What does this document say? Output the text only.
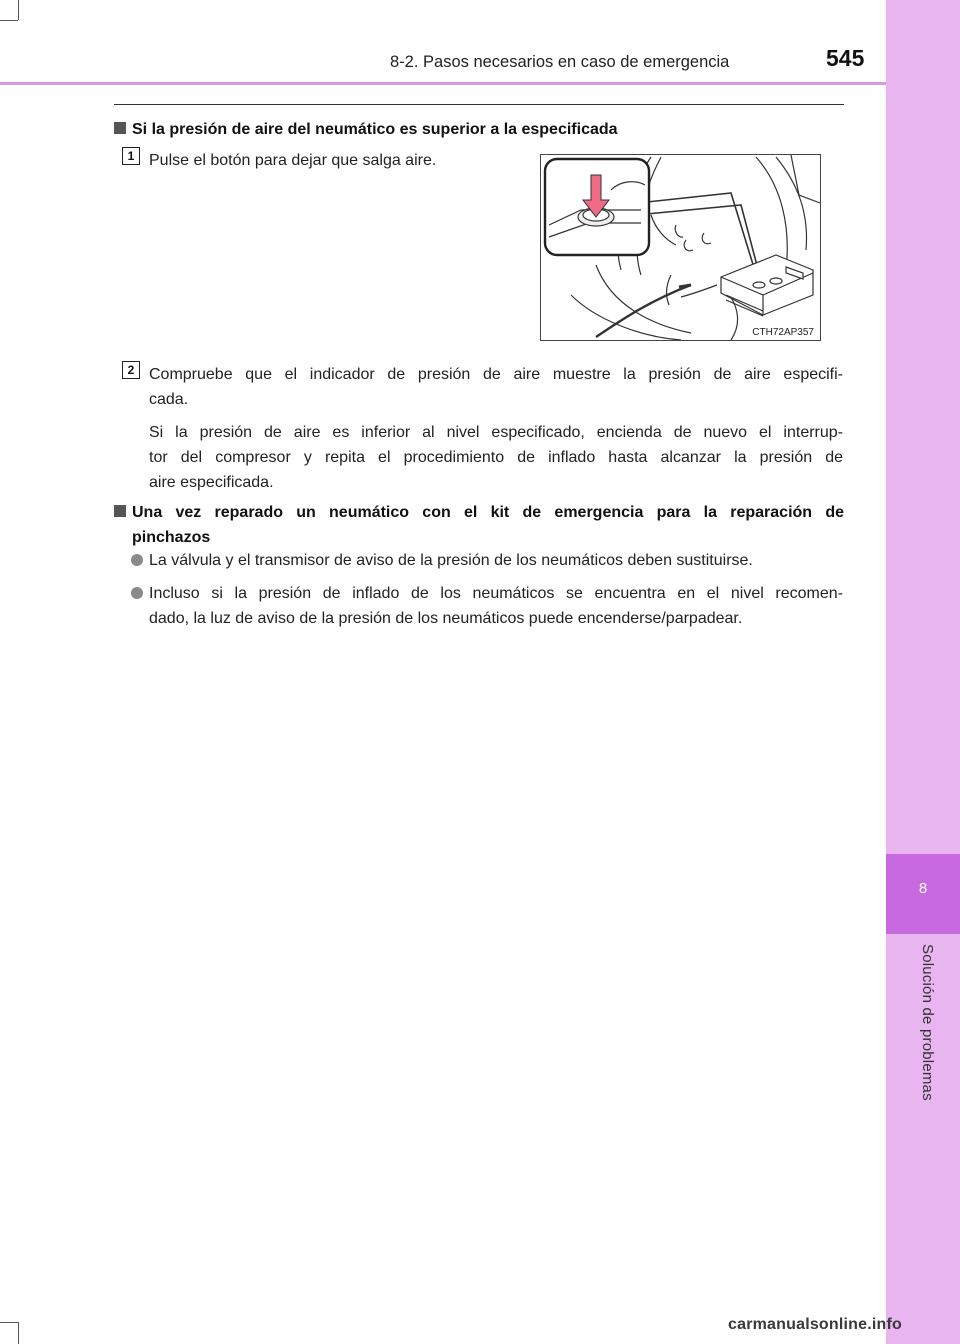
8
Solución de problemas
8-2. Pasos necesarios en caso de emergencia	545
Si la presión de aire del neumático es superior a la especificada
1 Pulse el botón para dejar que salga aire.
CTH72AP357
2 Compruebe que el indicador de presión de aire muestre la presión de aire especifi-
cada.
Si la presión de aire es inferior al nivel especificado, encienda de nuevo el interrup-
tor del compresor y repita el procedimiento de inflado hasta alcanzar la presión de
aire especificada.
Una vez reparado un neumático con el kit de emergencia para la reparación de
pinchazos
La válvula y el transmisor de aviso de la presión de los neumáticos deben sustituirse.
Incluso si la presión de inflado de los neumáticos se encuentra en el nivel recomen-
dado, la luz de aviso de la presión de los neumáticos puede encenderse/parpadear.
carmanualsonline.info
